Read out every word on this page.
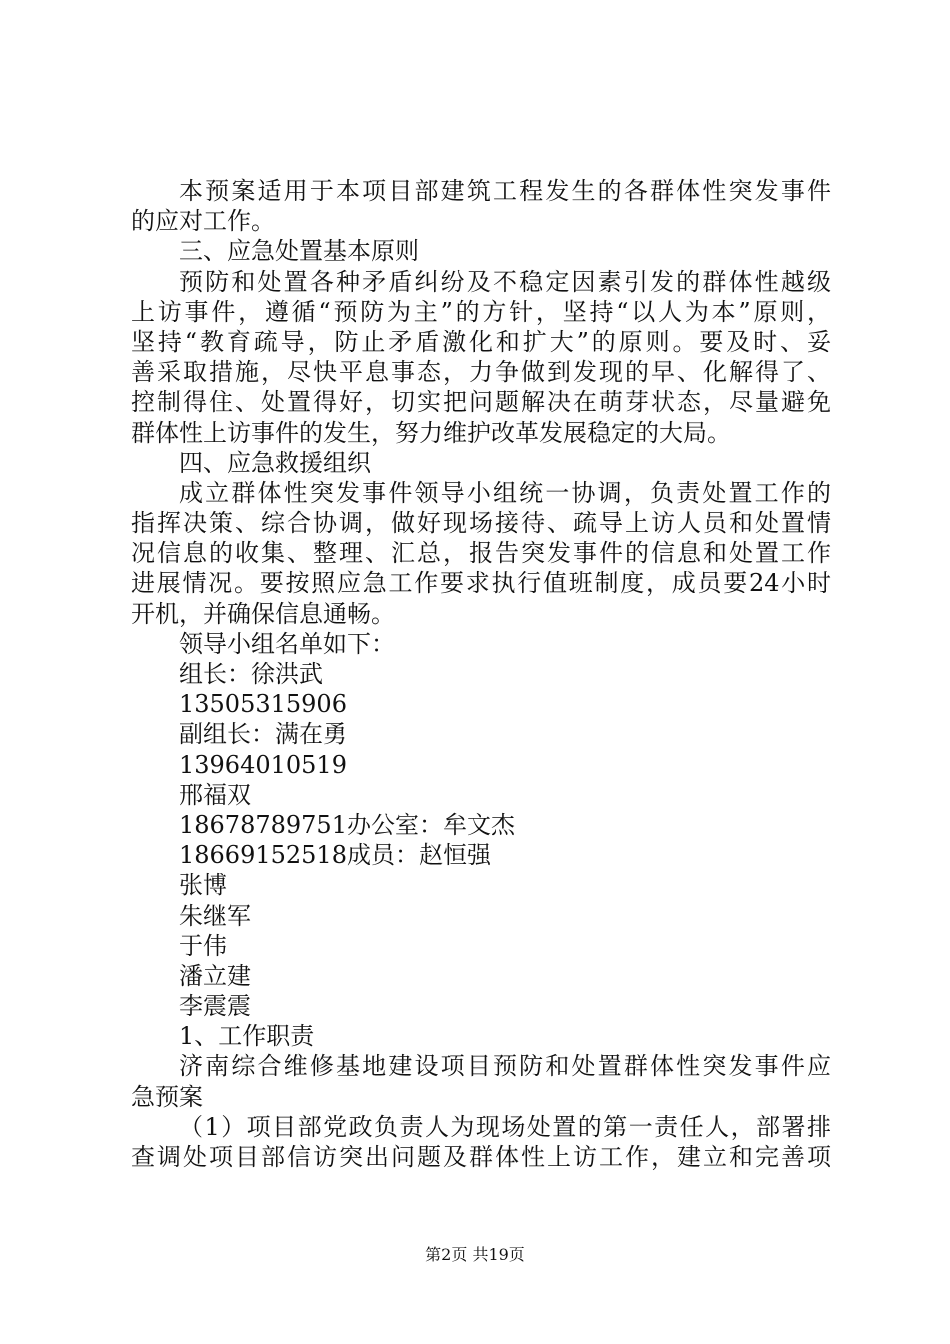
本预案适用于本项目部建筑工程发生的各群体性突发事件
的应对工作。
三、应急处置基本原则
预防和处置各种矛盾纠纷及不稳定因素引发的群体性越级
上访事件，遵循“预防为主”的方针，坚持“以人为本”原则，
坚持“教育疏导，防止矛盾激化和扩大”的原则。要及时、妥
善采取措施，尽快平息事态，力争做到发现的早、化解得了、
控制得住、处置得好，切实把问题解决在萌芽状态，尽量避免
群体性上访事件的发生，努力维护改革发展稳定的大局。
四、应急救援组织
成立群体性突发事件领导小组统一协调，负责处置工作的
指挥决策、综合协调，做好现场接待、疏导上访人员和处置情
况信息的收集、整理、汇总，报告突发事件的信息和处置工作
进展情况。要按照应急工作要求执行值班制度，成员要24小时
开机，并确保信息通畅。
领导小组名单如下：
组长：徐洪武
13505315906
副组长：满在勇
13964010519
邢福双
18678789751办公室：牟文杰
18669152518成员：赵恒强
张博
朱继军
于伟
潘立建
李震震
1、工作职责
济南综合维修基地建设项目预防和处置群体性突发事件应
急预案
（1）项目部党政负责人为现场处置的第一责任人，部署排
查调处项目部信访突出问题及群体性上访工作，建立和完善项
第2页 共19页
